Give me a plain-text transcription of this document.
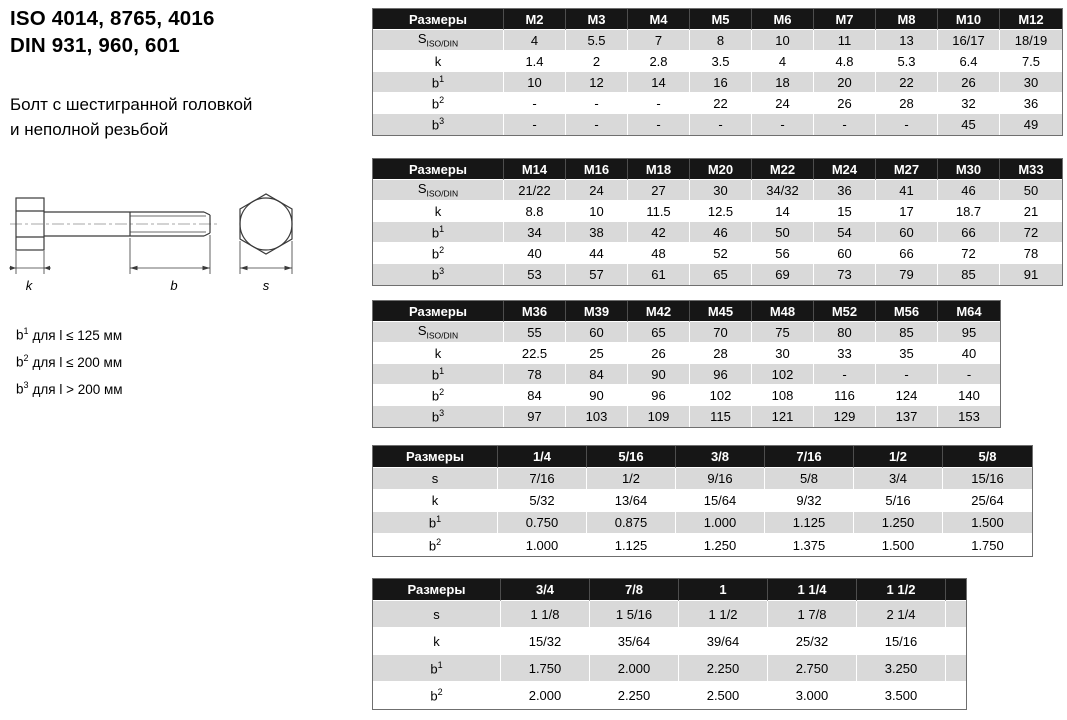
ISO 4014, 8765, 4016
DIN 931, 960, 601
Болт с шестигранной головкой
и неполной резьбой
k	b	s
$b^1$ для l ≤ 125 мм
$b^2$ для l ≤ 200 мм
$b^3$ для l > 200 мм
Размеры	M2	M3	M4	M5	M6	M7	M8	M10	M12
$S_{ISO/DIN}$	4	5.5	7	8	10	11	13	16/17	18/19
k	1.4	2	2.8	3.5	4	4.8	5.3	6.4	7.5
$b^1$	10	12	14	16	18	20	22	26	30
$b^2$	-	-	-	22	24	26	28	32	36
$b^3$	-	-	-	-	-	-	-	45	49
Размеры	M14	M16	M18	M20	M22	M24	M27	M30	M33
$S_{ISO/DIN}$	21/22	24	27	30	34/32	36	41	46	50
k	8.8	10	11.5	12.5	14	15	17	18.7	21
$b^1$	34	38	42	46	50	54	60	66	72
$b^2$	40	44	48	52	56	60	66	72	78
$b^3$	53	57	61	65	69	73	79	85	91
Размеры	M36	M39	M42	M45	M48	M52	M56	M64
$S_{ISO/DIN}$	55	60	65	70	75	80	85	95
k	22.5	25	26	28	30	33	35	40
$b^1$	78	84	90	96	102	-	-	-
$b^2$	84	90	96	102	108	116	124	140
$b^3$	97	103	109	115	121	129	137	153
Размеры	1/4	5/16	3/8	7/16	1/2	5/8
s	7/16	1/2	9/16	5/8	3/4	15/16
k	5/32	13/64	15/64	9/32	5/16	25/64
$b^1$	0.750	0.875	1.000	1.125	1.250	1.500
$b^2$	1.000	1.125	1.250	1.375	1.500	1.750
Размеры	3/4	7/8	1	1 1/4	1 1/2	
s	1 1/8	1 5/16	1 1/2	1 7/8	2 1/4	
k	15/32	35/64	39/64	25/32	15/16	
$b^1$	1.750	2.000	2.250	2.750	3.250	
$b^2$	2.000	2.250	2.500	3.000	3.500	
